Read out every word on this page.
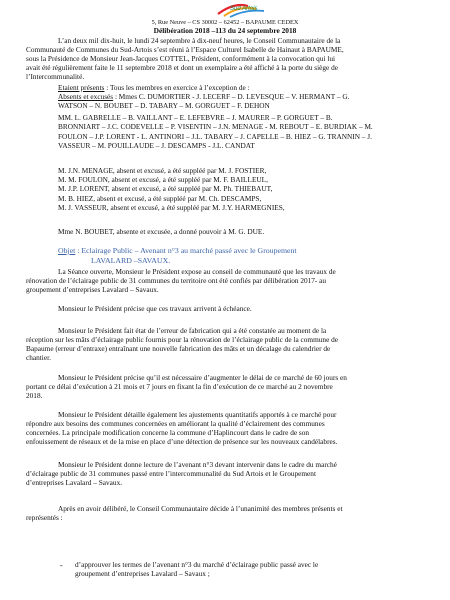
Sud Artois
5, Rue Neuve – CS 30002 – 62452 – BAPAUME CEDEX
Délibération 2018 –113 du 24 septembre 2018
L’an deux mil dix-huit, le lundi 24 septembre à dix-neuf heures, le Conseil Communautaire de la
Communauté de Communes du Sud-Artois s’est réuni à l’Espace Culturel Isabelle de Hainaut à BAPAUME,
sous la Présidence de Monsieur Jean-Jacques COTTEL, Président, conformément à la convocation qui lui
avait été régulièrement faite le 11 septembre 2018 et dont un exemplaire a été affiché à la porte du siège de
l’Intercommunalité.
Etaient présents : Tous les membres en exercice à l’exception de :
Absents et excusés : Mmes C. DUMORTIER - J. LECERF – D. LEVESQUE – V. HERMANT – G.
WATSON – N. BOUBET – D. TABARY – M. GORGUET – F. DEHON
MM. L. GABRELLE – B. VAILLANT – E. LEFEBVRE – J. MAURER – P. GORGUET – B.
BRONNIART – J.C. CODEVELLE – P. VISENTIN – J.N. MENAGE - M. REBOUT – E. BURDIAK – M.
FOULON – J.P. LORENT - L. ANTINORI – J.L. TABARY – J. CAPELLE – B. HIEZ – G. TRANNIN – J.
VASSEUR – M. POUILLAUDE – J. DESCAMPS - J.L. CANDAT
M. J.N. MENAGE, absent et excusé, a été suppléé par M. J. FOSTIER,
M. M. FOULON, absent et excusé, a été suppléé par M. F. BAILLEUL,
M. J.P. LORENT, absent et excusé, a été suppléé par M. Ph. THIEBAUT,
M. B. HIEZ, absent et excusé, a été suppléé par M. Ch. DESCAMPS,
M. J. VASSEUR, absent et excusé, a été suppléé par M. J.Y. HARMEGNIES,
Mme N. BOUBET, absente et excusée, a donné pouvoir à M. G. DUE.
Objet : Eclairage Public – Avenant n°3 au marché passé avec le Groupement
LAVALARD –SAVAUX.
La Séance ouverte, Monsieur le Président expose au conseil de communauté que les travaux de
rénovation de l’éclairage public de 31 communes du territoire ont été confiés par délibération 2017- au
groupement d’entreprises Lavalard – Savaux.
Monsieur le Président précise que ces travaux arrivent à échéance.
Monsieur le Président fait état de l’erreur de fabrication qui a été constatée au moment de la
réception sur les mâts d’éclairage public fournis pour la rénovation de l’éclairage public de la commune de
Bapaume (erreur d’entraxe) entraînant une nouvelle fabrication des mâts et un décalage du calendrier de
chantier.
Monsieur le Président précise qu’il est nécessaire d’augmenter le délai de ce marché de 60 jours en
portant ce délai d’exécution à 21 mois et 7 jours en fixant la fin d’exécution de ce marché au 2 novembre
2018.
Monsieur le Président détaille également les ajustements quantitatifs apportés à ce marché pour
répondre aux besoins des communes concernées en améliorant la qualité d’éclairement des communes
concernées. La principale modification concerne la commune d’Haplincourt dans le cadre de son
enfouissement de réseaux et de la mise en place d’une détection de présence sur les nouveaux candélabres.
Monsieur le Président donne lecture de l’avenant n°3 devant intervenir dans le cadre du marché
d’éclairage public de 31 communes passé entre l’intercommunalité du Sud Artois et le Groupement
d’entreprises Lavalard – Savaux.
Après en avoir délibéré, le Conseil Communautaire décide à l’unanimité des membres présents et
représentés :
- d’approuver les termes de l’avenant n°3 du marché d’éclairage public passé avec le
groupement d’entreprises Lavalard – Savaux ;
